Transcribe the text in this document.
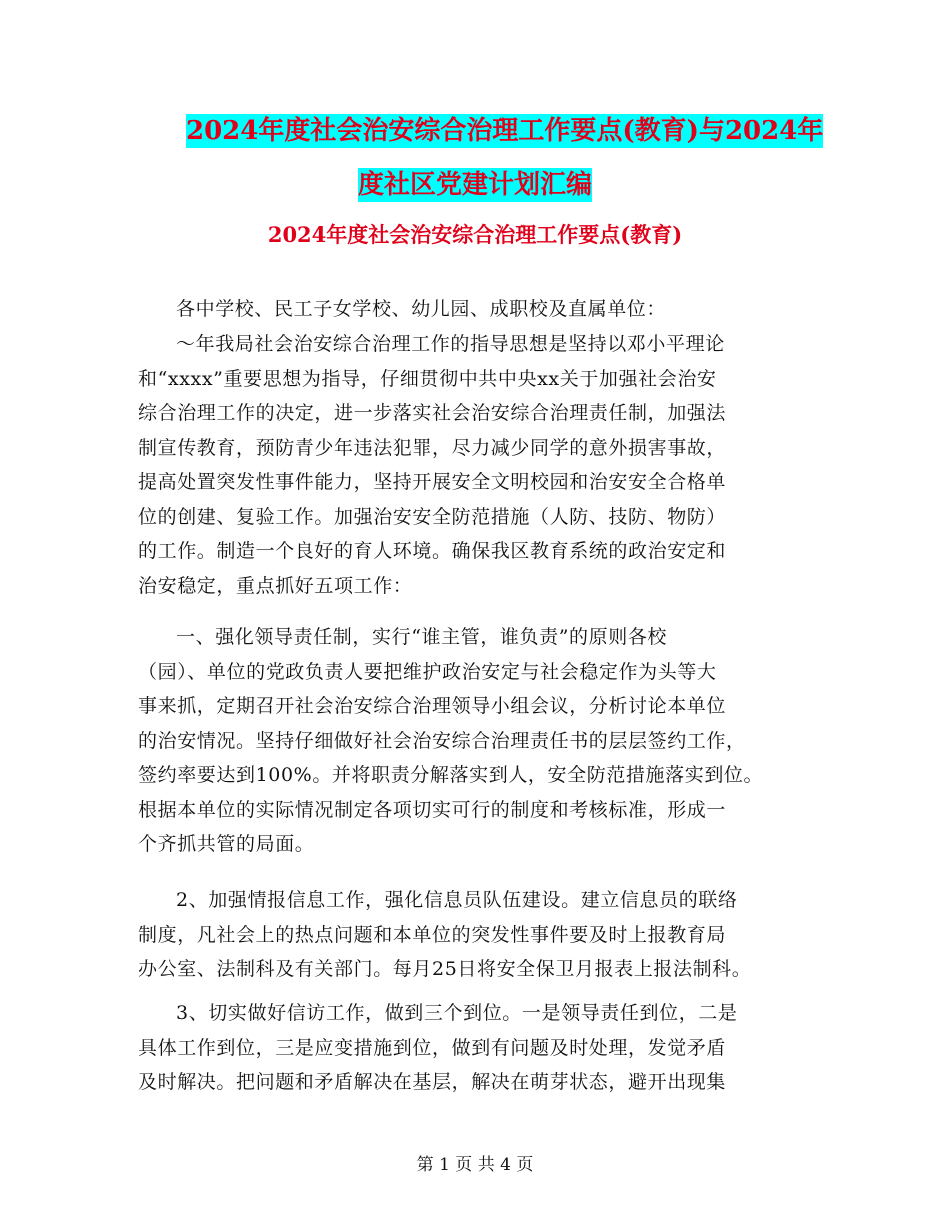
2024年度社会治安综合治理工作要点(教育)与2024年
度社区党建计划汇编
2024年度社会治安综合治理工作要点(教育)
各中学校、民工子女学校、幼儿园、成职校及直属单位：
～年我局社会治安综合治理工作的指导思想是坚持以邓小平理论
和“xxxx”重要思想为指导，仔细贯彻中共中央xx关于加强社会治安
综合治理工作的决定，进一步落实社会治安综合治理责任制，加强法
制宣传教育，预防青少年违法犯罪，尽力减少同学的意外损害事故，
提高处置突发性事件能力，坚持开展安全文明校园和治安安全合格单
位的创建、复验工作。加强治安安全防范措施（人防、技防、物防）
的工作。制造一个良好的育人环境。确保我区教育系统的政治安定和
治安稳定，重点抓好五项工作：
一、强化领导责任制，实行“谁主管，谁负责”的原则各校
（园）、单位的党政负责人要把维护政治安定与社会稳定作为头等大
事来抓，定期召开社会治安综合治理领导小组会议，分析讨论本单位
的治安情况。坚持仔细做好社会治安综合治理责任书的层层签约工作，
签约率要达到100%。并将职责分解落实到人，安全防范措施落实到位。
根据本单位的实际情况制定各项切实可行的制度和考核标准，形成一
个齐抓共管的局面。
2、加强情报信息工作，强化信息员队伍建设。建立信息员的联络
制度，凡社会上的热点问题和本单位的突发性事件要及时上报教育局
办公室、法制科及有关部门。每月25日将安全保卫月报表上报法制科。
3、切实做好信访工作，做到三个到位。一是领导责任到位，二是
具体工作到位，三是应变措施到位，做到有问题及时处理，发觉矛盾
及时解决。把问题和矛盾解决在基层，解决在萌芽状态，避开出现集
第 1 页 共 4 页
